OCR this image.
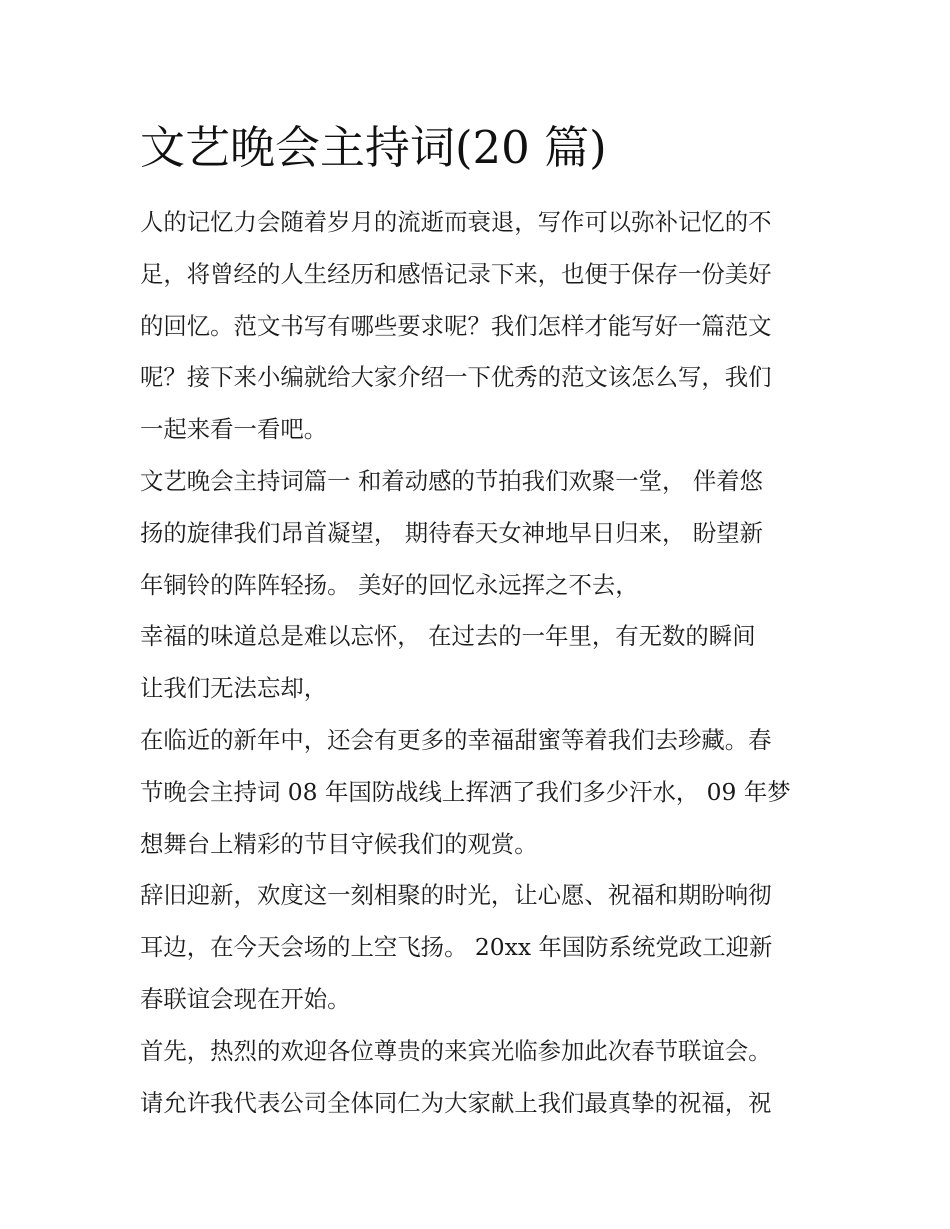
文艺晚会主持词(20 篇)
人的记忆力会随着岁月的流逝而衰退，写作可以弥补记忆的不
足，将曾经的人生经历和感悟记录下来，也便于保存一份美好
的回忆。范文书写有哪些要求呢？我们怎样才能写好一篇范文
呢？接下来小编就给大家介绍一下优秀的范文该怎么写，我们
一起来看一看吧。
文艺晚会主持词篇一 和着动感的节拍我们欢聚一堂， 伴着悠
扬的旋律我们昂首凝望， 期待春天女神地早日归来， 盼望新
年铜铃的阵阵轻扬。 美好的回忆永远挥之不去，
幸福的味道总是难以忘怀， 在过去的一年里，有无数的瞬间
让我们无法忘却，
在临近的新年中，还会有更多的幸福甜蜜等着我们去珍藏。春
节晚会主持词 08 年国防战线上挥洒了我们多少汗水， 09 年梦
想舞台上精彩的节目守候我们的观赏。
辞旧迎新，欢度这一刻相聚的时光，让心愿、祝福和期盼响彻
耳边，在今天会场的上空飞扬。 20xx 年国防系统党政工迎新
春联谊会现在开始。
首先，热烈的欢迎各位尊贵的来宾光临参加此次春节联谊会。
请允许我代表公司全体同仁为大家献上我们最真挚的祝福，祝
